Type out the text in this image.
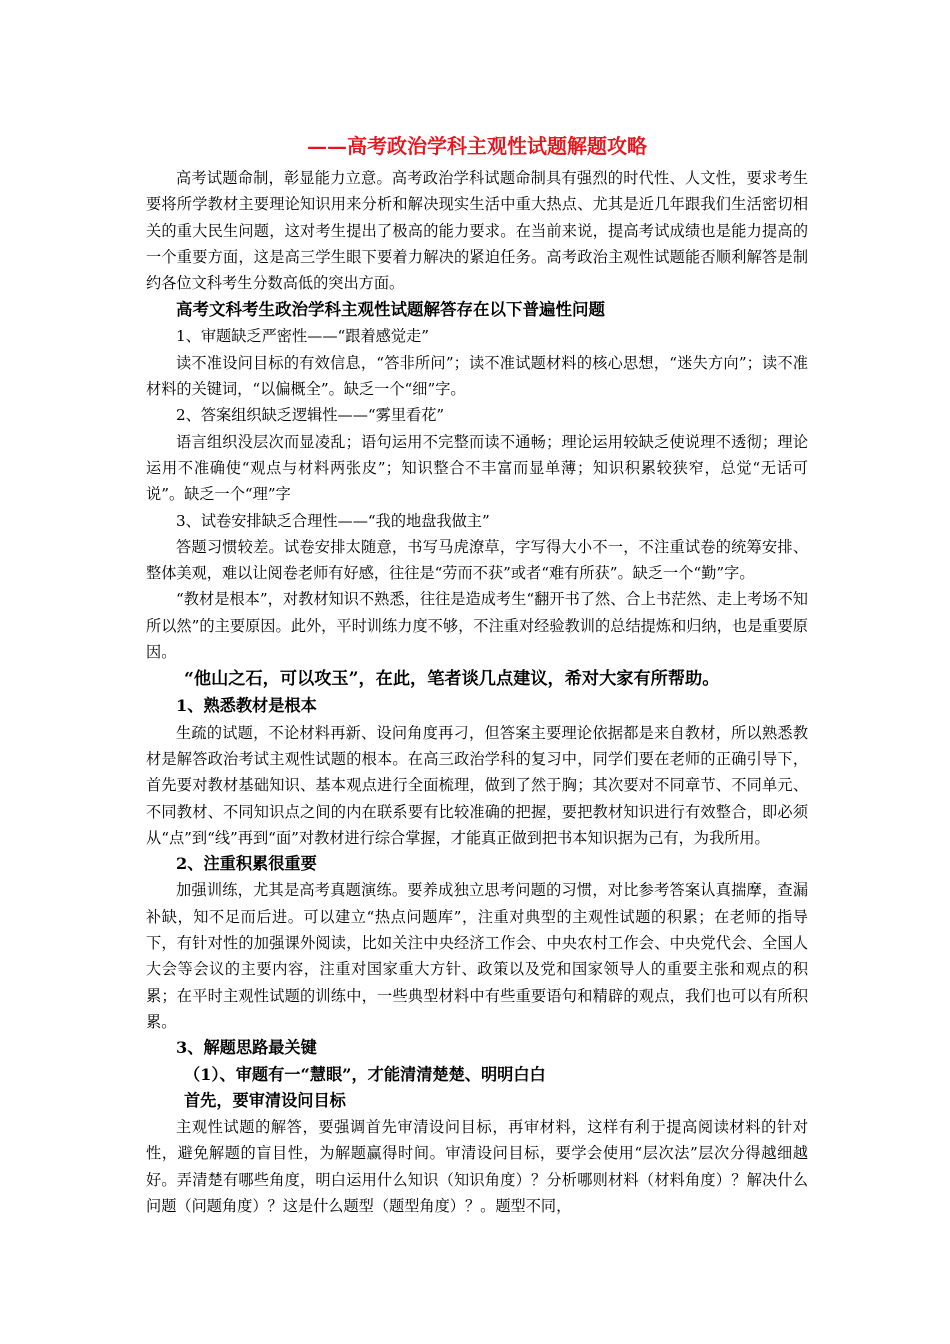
——高考政治学科主观性试题解题攻略

高考试题命制，彰显能力立意。高考政治学科试题命制具有强烈的时代性、人文性，要求考生要将所学教材主要理论知识用来分析和解决现实生活中重大热点、尤其是近几年跟我们生活密切相关的重大民生问题，这对考生提出了极高的能力要求。在当前来说，提高考试成绩也是能力提高的一个重要方面，这是高三学生眼下要着力解决的紧迫任务。高考政治主观性试题能否顺利解答是制约各位文科考生分数高低的突出方面。

高考文科考生政治学科主观性试题解答存在以下普遍性问题

1、审题缺乏严密性——“跟着感觉走”

读不准设问目标的有效信息，“答非所问”；读不准试题材料的核心思想，“迷失方向”；读不准材料的关键词，“以偏概全”。缺乏一个“细”字。

2、答案组织缺乏逻辑性——“雾里看花”

语言组织没层次而显凌乱；语句运用不完整而读不通畅；理论运用较缺乏使说理不透彻；理论运用不准确使“观点与材料两张皮”；知识整合不丰富而显单薄；知识积累较狭窄，总觉“无话可说”。缺乏一个“理”字

3、试卷安排缺乏合理性——“我的地盘我做主”

答题习惯较差。试卷安排太随意，书写马虎潦草，字写得大小不一，不注重试卷的统筹安排、整体美观，难以让阅卷老师有好感，往往是“劳而不获”或者“难有所获”。缺乏一个“勤”字。

“教材是根本”，对教材知识不熟悉，往往是造成考生“翻开书了然、合上书茫然、走上考场不知所以然”的主要原因。此外，平时训练力度不够，不注重对经验教训的总结提炼和归纳，也是重要原因。

“他山之石，可以攻玉”，在此，笔者谈几点建议，希对大家有所帮助。

1、熟悉教材是根本

生疏的试题，不论材料再新、设问角度再刁，但答案主要理论依据都是来自教材，所以熟悉教材是解答政治考试主观性试题的根本。在高三政治学科的复习中，同学们要在老师的正确引导下，首先要对教材基础知识、基本观点进行全面梳理，做到了然于胸；其次要对不同章节、不同单元、不同教材、不同知识点之间的内在联系要有比较准确的把握，要把教材知识进行有效整合，即必须从“点”到“线”再到“面”对教材进行综合掌握，才能真正做到把书本知识据为己有，为我所用。

2、注重积累很重要

加强训练，尤其是高考真题演练。要养成独立思考问题的习惯，对比参考答案认真揣摩，查漏补缺，知不足而后进。可以建立“热点问题库”，注重对典型的主观性试题的积累；在老师的指导下，有针对性的加强课外阅读，比如关注中央经济工作会、中央农村工作会、中央党代会、全国人大会等会议的主要内容，注重对国家重大方针、政策以及党和国家领导人的重要主张和观点的积累；在平时主观性试题的训练中，一些典型材料中有些重要语句和精辟的观点，我们也可以有所积累。

3、解题思路最关键

（1）、审题有一“慧眼”，才能清清楚楚、明明白白

首先，要审清设问目标

主观性试题的解答，要强调首先审清设问目标，再审材料，这样有利于提高阅读材料的针对性，避免解题的盲目性，为解题赢得时间。审清设问目标，要学会使用“层次法”层次分得越细越好。弄清楚有哪些角度，明白运用什么知识（知识角度）？分析哪则材料（材料角度）？解决什么问题（问题角度）？这是什么题型（题型角度）？。题型不同，
